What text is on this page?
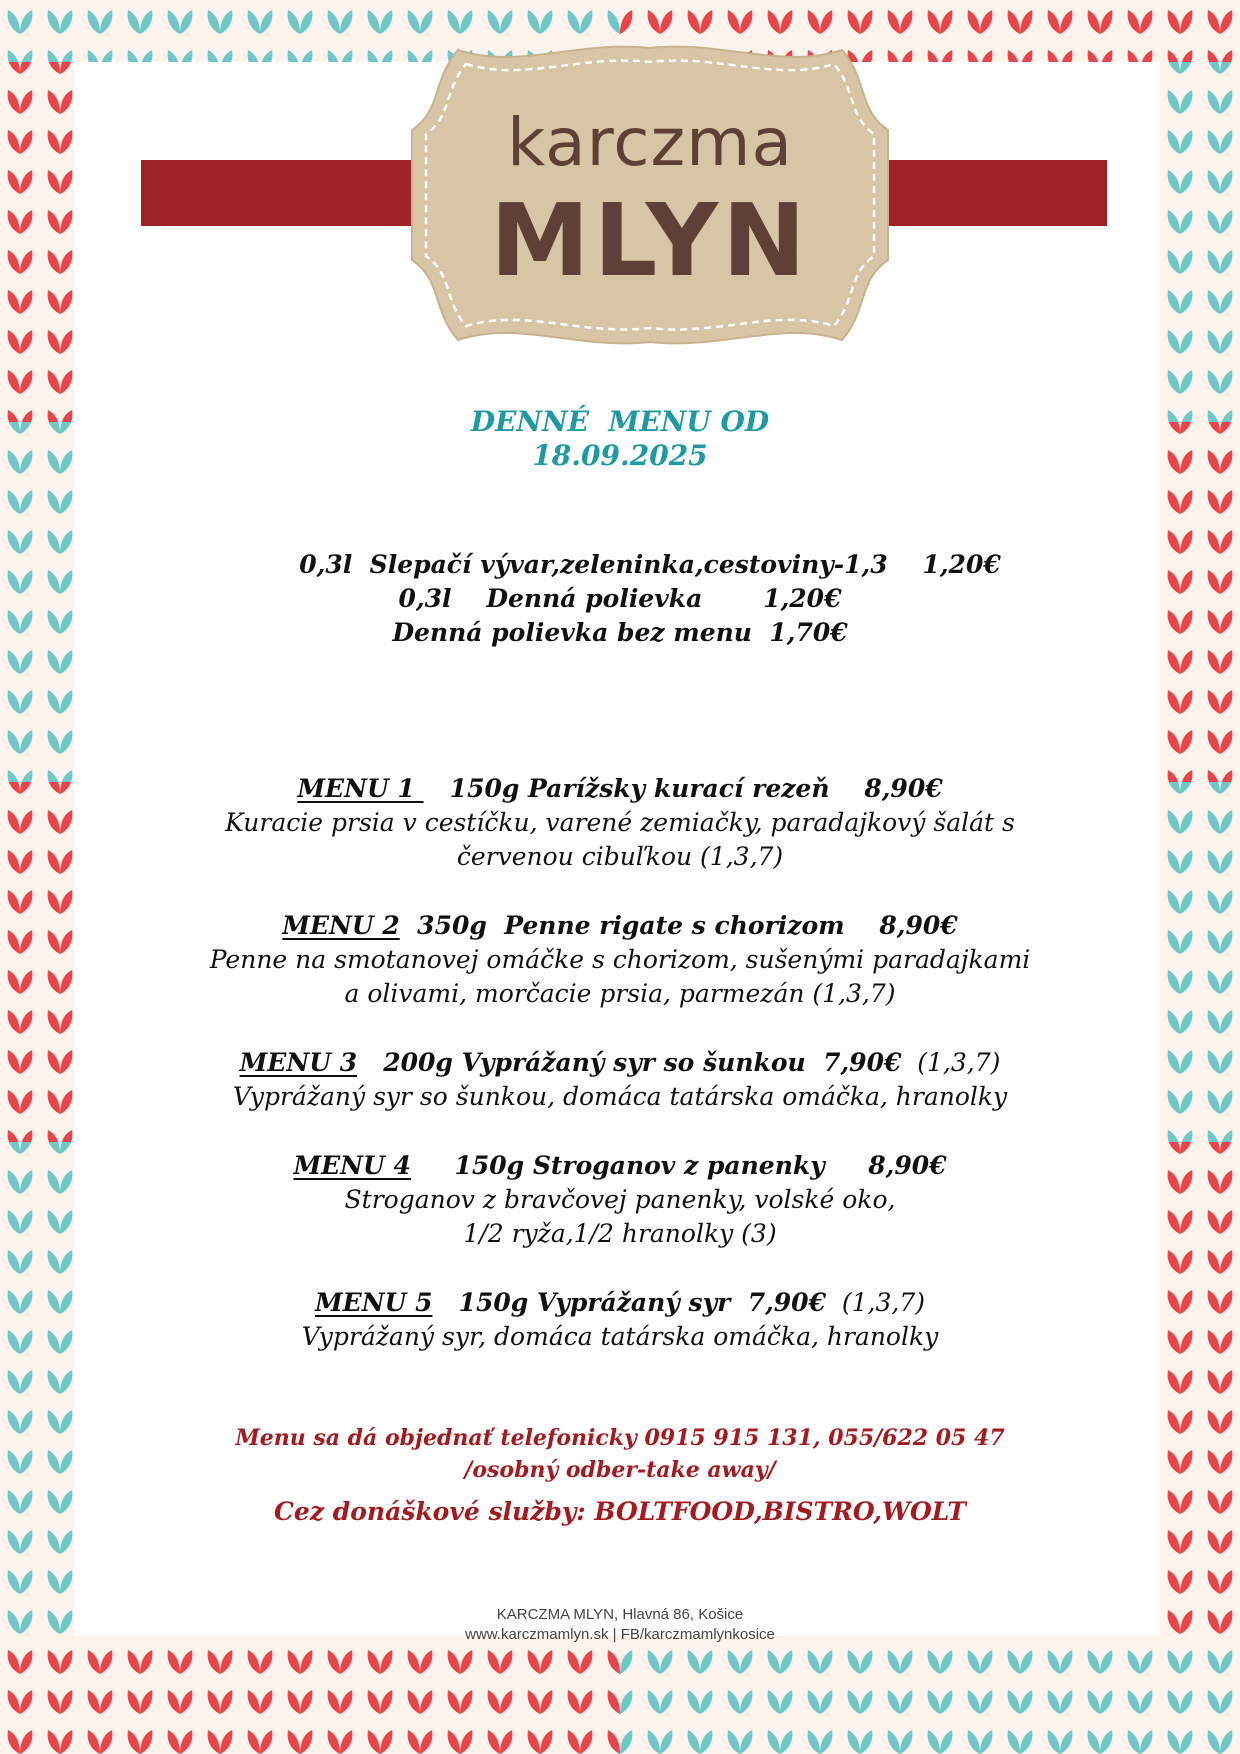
karczma
MLYN
DENNÉ  MENU OD
18.09.2025
0,3l  Slepačí vývar,zeleninka,cestoviny-1,3    1,20€
0,3l    Denná polievka       1,20€
Denná polievka bez menu  1,70€
MENU 1    150g Parížsky kurací rezeň    8,90€
Kuracie prsia v cestíčku, varené zemiačky, paradajkový šalát s
červenou cibuľkou (1,3,7)
MENU 2  350g  Penne rigate s chorizom    8,90€
Penne na smotanovej omáčke s chorizom, sušenými paradajkami
a olivami, morčacie prsia, parmezán (1,3,7)
MENU 3   200g Vyprážaný syr so šunkou  7,90€  (1,3,7)
Vyprážaný syr so šunkou, domáca tatárska omáčka, hranolky
MENU 4     150g Stroganov z panenky     8,90€
Stroganov z bravčovej panenky, volské oko,
1/2 ryža,1/2 hranolky (3)
MENU 5   150g Vyprážaný syr  7,90€  (1,3,7)
Vyprážaný syr, domáca tatárska omáčka, hranolky
Menu sa dá objednať telefonicky 0915 915 131, 055/622 05 47
/osobný odber-take away/
Cez donáškové služby: BOLTFOOD,BISTRO,WOLT
KARCZMA MLYN, Hlavná 86, Košice
www.karczmamlyn.sk | FB/karczmamlynkosice
